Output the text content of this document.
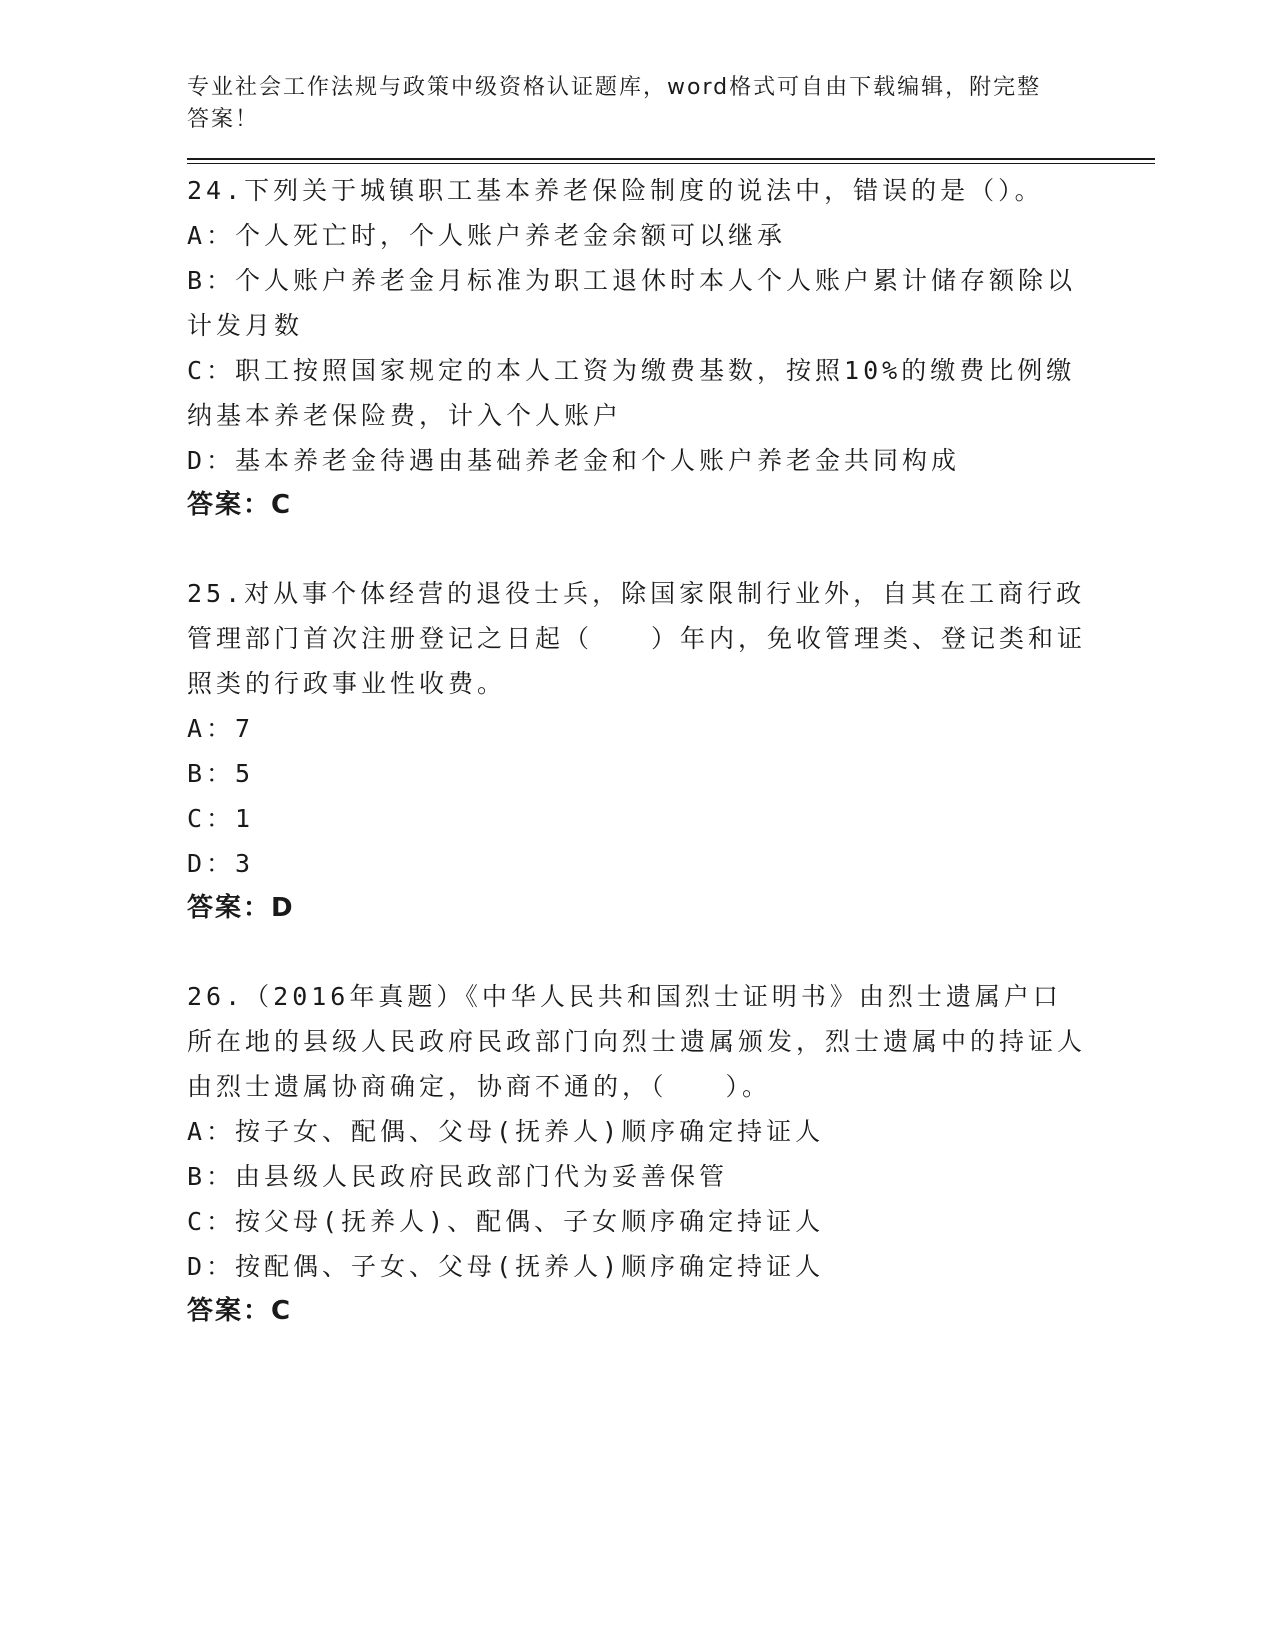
专业社会工作法规与政策中级资格认证题库，word格式可自由下载编辑，附完整答案！

24.下列关于城镇职工基本养老保险制度的说法中，错误的是（）。

A：个人死亡时，个人账户养老金余额可以继承

B：个人账户养老金月标准为职工退休时本人个人账户累计储存额除以计发月数

C：职工按照国家规定的本人工资为缴费基数，按照10%的缴费比例缴纳基本养老保险费，计入个人账户

D：基本养老金待遇由基础养老金和个人账户养老金共同构成

答案：C

25.对从事个体经营的退役士兵，除国家限制行业外，自其在工商行政管理部门首次注册登记之日起（　　）年内，免收管理类、登记类和证照类的行政事业性收费。

A：7

B：5

C：1

D：3

答案：D

26.（2016年真题）《中华人民共和国烈士证明书》由烈士遗属户口所在地的县级人民政府民政部门向烈士遗属颁发，烈士遗属中的持证人由烈士遗属协商确定，协商不通的，（　　）。

A：按子女、配偶、父母(抚养人)顺序确定持证人

B：由县级人民政府民政部门代为妥善保管

C：按父母(抚养人)、配偶、子女顺序确定持证人

D：按配偶、子女、父母(抚养人)顺序确定持证人

答案：C
